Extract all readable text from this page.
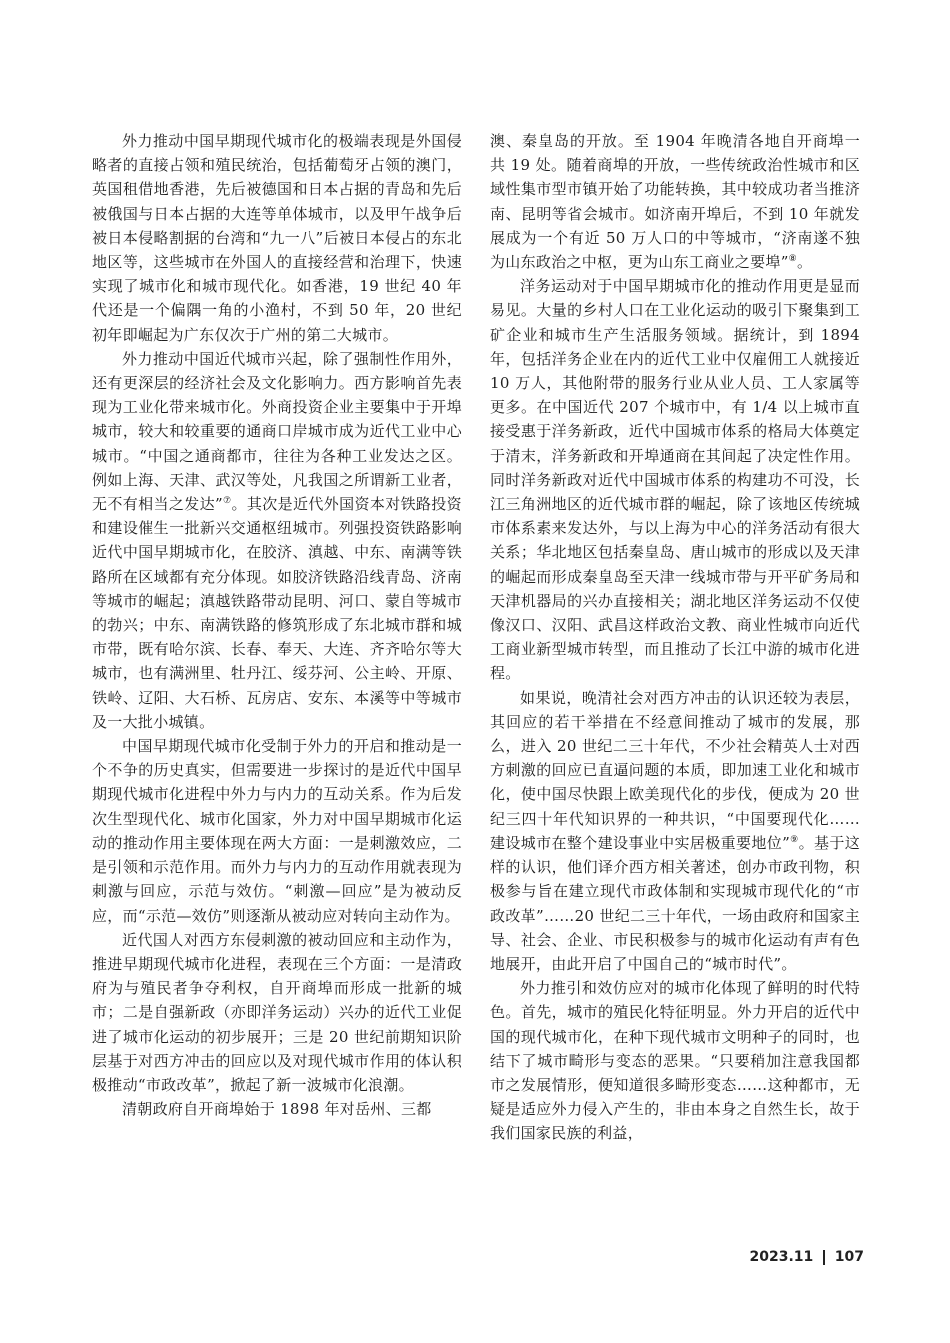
外力推动中国早期现代城市化的极端表现是外国侵略者的直接占领和殖民统治，包括葡萄牙占领的澳门，英国租借地香港，先后被德国和日本占据的青岛和先后被俄国与日本占据的大连等单体城市，以及甲午战争后被日本侵略割据的台湾和“九一八”后被日本侵占的东北地区等，这些城市在外国人的直接经营和治理下，快速实现了城市化和城市现代化。如香港，19 世纪 40 年代还是一个偏隅一角的小渔村，不到 50 年，20 世纪初年即崛起为广东仅次于广州的第二大城市。

外力推动中国近代城市兴起，除了强制性作用外，还有更深层的经济社会及文化影响力。西方影响首先表现为工业化带来城市化。外商投资企业主要集中于开埠城市，较大和较重要的通商口岸城市成为近代工业中心城市。“中国之通商都市，往往为各种工业发达之区。例如上海、天津、武汉等处，凡我国之所谓新工业者，无不有相当之发达”⑦。其次是近代外国资本对铁路投资和建设催生一批新兴交通枢纽城市。列强投资铁路影响近代中国早期城市化，在胶济、滇越、中东、南满等铁路所在区域都有充分体现。如胶济铁路沿线青岛、济南等城市的崛起；滇越铁路带动昆明、河口、蒙自等城市的勃兴；中东、南满铁路的修筑形成了东北城市群和城市带，既有哈尔滨、长春、奉天、大连、齐齐哈尔等大城市，也有满洲里、牡丹江、绥芬河、公主岭、开原、铁岭、辽阳、大石桥、瓦房店、安东、本溪等中等城市及一大批小城镇。

中国早期现代城市化受制于外力的开启和推动是一个不争的历史真实，但需要进一步探讨的是近代中国早期现代城市化进程中外力与内力的互动关系。作为后发次生型现代化、城市化国家，外力对中国早期城市化运动的推动作用主要体现在两大方面：一是刺激效应，二是引领和示范作用。而外力与内力的互动作用就表现为刺激与回应，示范与效仿。“刺激—回应”是为被动反应，而“示范—效仿”则逐渐从被动应对转向主动作为。

近代国人对西方东侵刺激的被动回应和主动作为，推进早期现代城市化进程，表现在三个方面：一是清政府为与殖民者争夺利权，自开商埠而形成一批新的城市；二是自强新政（亦即洋务运动）兴办的近代工业促进了城市化运动的初步展开；三是 20 世纪前期知识阶层基于对西方冲击的回应以及对现代城市作用的体认积极推动“市政改革”，掀起了新一波城市化浪潮。

清朝政府自开商埠始于 1898 年对岳州、三都

澳、秦皇岛的开放。至 1904 年晚清各地自开商埠一共 19 处。随着商埠的开放，一些传统政治性城市和区域性集市型市镇开始了功能转换，其中较成功者当推济南、昆明等省会城市。如济南开埠后，不到 10 年就发展成为一个有近 50 万人口的中等城市，“济南遂不独为山东政治之中枢，更为山东工商业之要埠”⑧。

洋务运动对于中国早期城市化的推动作用更是显而易见。大量的乡村人口在工业化运动的吸引下聚集到工矿企业和城市生产生活服务领域。据统计，到 1894 年，包括洋务企业在内的近代工业中仅雇佣工人就接近 10 万人，其他附带的服务行业从业人员、工人家属等更多。在中国近代 207 个城市中，有 1/4 以上城市直接受惠于洋务新政，近代中国城市体系的格局大体奠定于清末，洋务新政和开埠通商在其间起了决定性作用。同时洋务新政对近代中国城市体系的构建功不可没，长江三角洲地区的近代城市群的崛起，除了该地区传统城市体系素来发达外，与以上海为中心的洋务活动有很大关系；华北地区包括秦皇岛、唐山城市的形成以及天津的崛起而形成秦皇岛至天津一线城市带与开平矿务局和天津机器局的兴办直接相关；湖北地区洋务运动不仅使像汉口、汉阳、武昌这样政治文教、商业性城市向近代工商业新型城市转型，而且推动了长江中游的城市化进程。

如果说，晚清社会对西方冲击的认识还较为表层，其回应的若干举措在不经意间推动了城市的发展，那么，进入 20 世纪二三十年代，不少社会精英人士对西方刺激的回应已直逼问题的本质，即加速工业化和城市化，使中国尽快跟上欧美现代化的步伐，便成为 20 世纪三四十年代知识界的一种共识，“中国要现代化……建设城市在整个建设事业中实居极重要地位”⑨。基于这样的认识，他们译介西方相关著述，创办市政刊物，积极参与旨在建立现代市政体制和实现城市现代化的“市政改革”……20 世纪二三十年代，一场由政府和国家主导、社会、企业、市民积极参与的城市化运动有声有色地展开，由此开启了中国自己的“城市时代”。

外力推引和效仿应对的城市化体现了鲜明的时代特色。首先，城市的殖民化特征明显。外力开启的近代中国的现代城市化，在种下现代城市文明种子的同时，也结下了城市畸形与变态的恶果。“只要稍加注意我国都市之发展情形，便知道很多畸形变态……这种都市，无疑是适应外力侵入产生的，非由本身之自然生长，故于我们国家民族的利益，

2023.11 107
